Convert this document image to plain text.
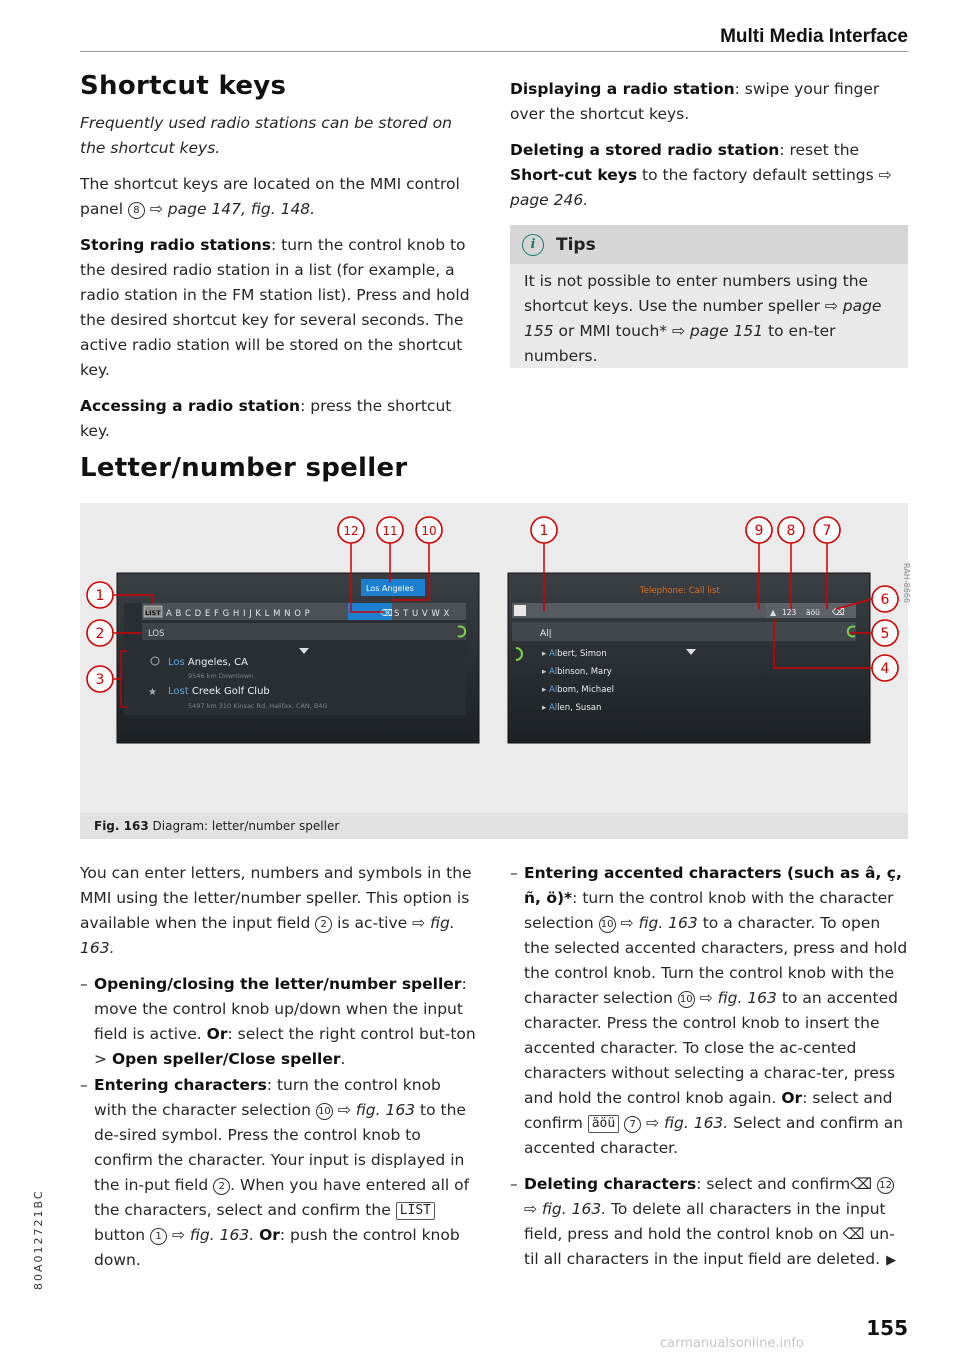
Multi Media Interface
Shortcut keys

Frequently used radio stations can be stored on the shortcut keys.

The shortcut keys are located on the MMI control panel 8 ⇨ page 147, fig. 148.

Storing radio stations: turn the control knob to the desired radio station in a list (for example, a radio station in the FM station list). Press and hold the desired shortcut key for several seconds. The active radio station will be stored on the shortcut key.

Accessing a radio station: press the shortcut key.

Displaying a radio station: swipe your finger over the shortcut keys.

Deleting a stored radio station: reset the Short-cut keys to the factory default settings ⇨ page 246.

i	Tips
It is not possible to enter numbers using the shortcut keys. Use the number speller ⇨ page 155 or MMI touch* ⇨ page 151 to en-ter numbers.
Letter/number speller
Los Angeles
LIST A B C D E F G H I J K L M N O P	⌫ S T U V W X
LOS
Los Angeles, CA
9546 km Downtown
★ Lost Creek Golf Club
5497 km 310 Kinsac Rd, Halifax, CAN, B4G
Telephone: Call list
▲ 123 äöü ⌫
Al|
▸ Albert, Simon
▸ Albinson, Mary
▸ Albom, Michael
▸ Allen, Susan
1
2
3
12 11 10	1	9 8 7
6
5
4
RAH-8666
Fig. 163 Diagram: letter/number speller

You can enter letters, numbers and symbols in the MMI using the letter/number speller. This option is available when the input field 2 is ac-tive ⇨ fig. 163.

– Opening/closing the letter/number speller: move the control knob up/down when the input field is active. Or: select the right control but-ton > Open speller/Close speller.
– Entering characters: turn the control knob with the character selection 10 ⇨ fig. 163 to the de-sired symbol. Press the control knob to confirm the character. Your input is displayed in the in-put field 2 . When you have entered all of the characters, select and confirm the LIST button 1 ⇨ fig. 163. Or: push the control knob down.
– Entering accented characters (such as â, ç, ñ, ö)*: turn the control knob with the character selection 10 ⇨ fig. 163 to a character. To open the selected accented characters, press and hold the control knob. Turn the control knob with the character selection 10 ⇨ fig. 163 to an accented character. Press the control knob to insert the accented character. To close the ac-cented characters without selecting a charac-ter, press and hold the control knob again. Or: select and confirm äöü 7 ⇨ fig. 163. Select and confirm an accented character.
– Deleting characters: select and confirm⌫ 12 ⇨ fig. 163. To delete all characters in the input field, press and hold the control knob on ⌫ un-til all characters in the input field are deleted. ▶
80A012721BC
155
carmanualsonline.info
